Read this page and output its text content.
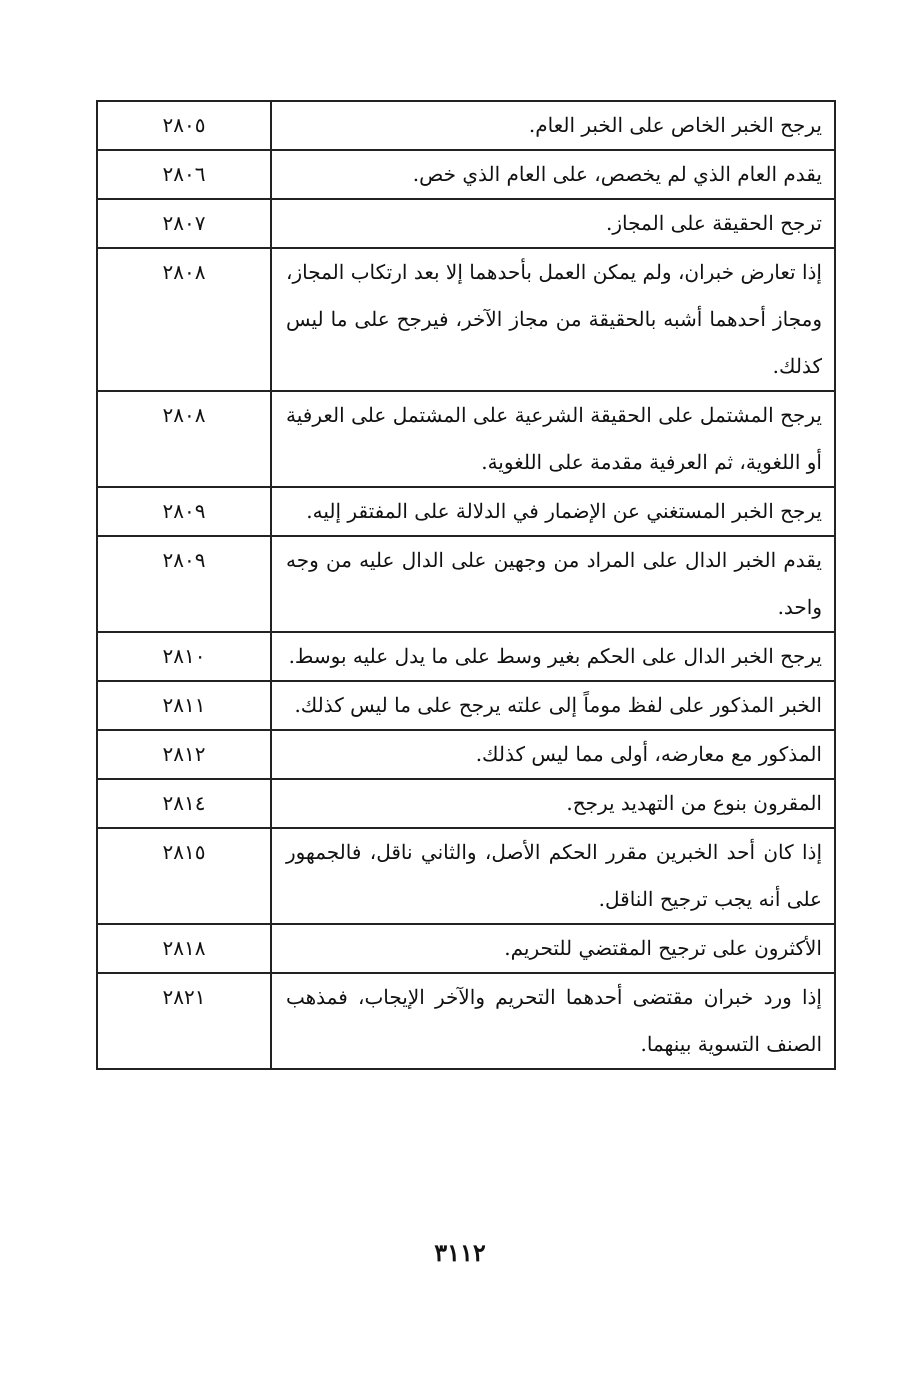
يرجح الخبر الخاص على الخبر العام.	٢٨٠٥
يقدم العام الذي لم يخصص، على العام الذي خص.	٢٨٠٦
ترجح الحقيقة على المجاز.	٢٨٠٧
إذا تعارض خبران، ولم يمكن العمل بأحدهما إلا بعد ارتكاب المجاز، ومجاز أحدهما أشبه بالحقيقة من مجاز الآخر، فيرجح على ما ليس كذلك.	٢٨٠٨
يرجح المشتمل على الحقيقة الشرعية على المشتمل على العرفية أو اللغوية، ثم العرفية مقدمة على اللغوية.	٢٨٠٨
يرجح الخبر المستغني عن الإضمار في الدلالة على المفتقر إليه.	٢٨٠٩
يقدم الخبر الدال على المراد من وجهين على الدال عليه من وجه واحد.	٢٨٠٩
يرجح الخبر الدال على الحكم بغير وسط على ما يدل عليه بوسط.	٢٨١٠
الخبر المذكور على لفظ موماً إلى علته يرجح على ما ليس كذلك.	٢٨١١
المذكور مع معارضه، أولى مما ليس كذلك.	٢٨١٢
المقرون بنوع من التهديد يرجح.	٢٨١٤
إذا كان أحد الخبرين مقرر الحكم الأصل، والثاني ناقل، فالجمهور على أنه يجب ترجيح الناقل.	٢٨١٥
الأكثرون على ترجيح المقتضي للتحريم.	٢٨١٨
إذا ورد خبران مقتضى أحدهما التحريم والآخر الإيجاب، فمذهب الصنف التسوية بينهما.	٢٨٢١
٣١١٢
